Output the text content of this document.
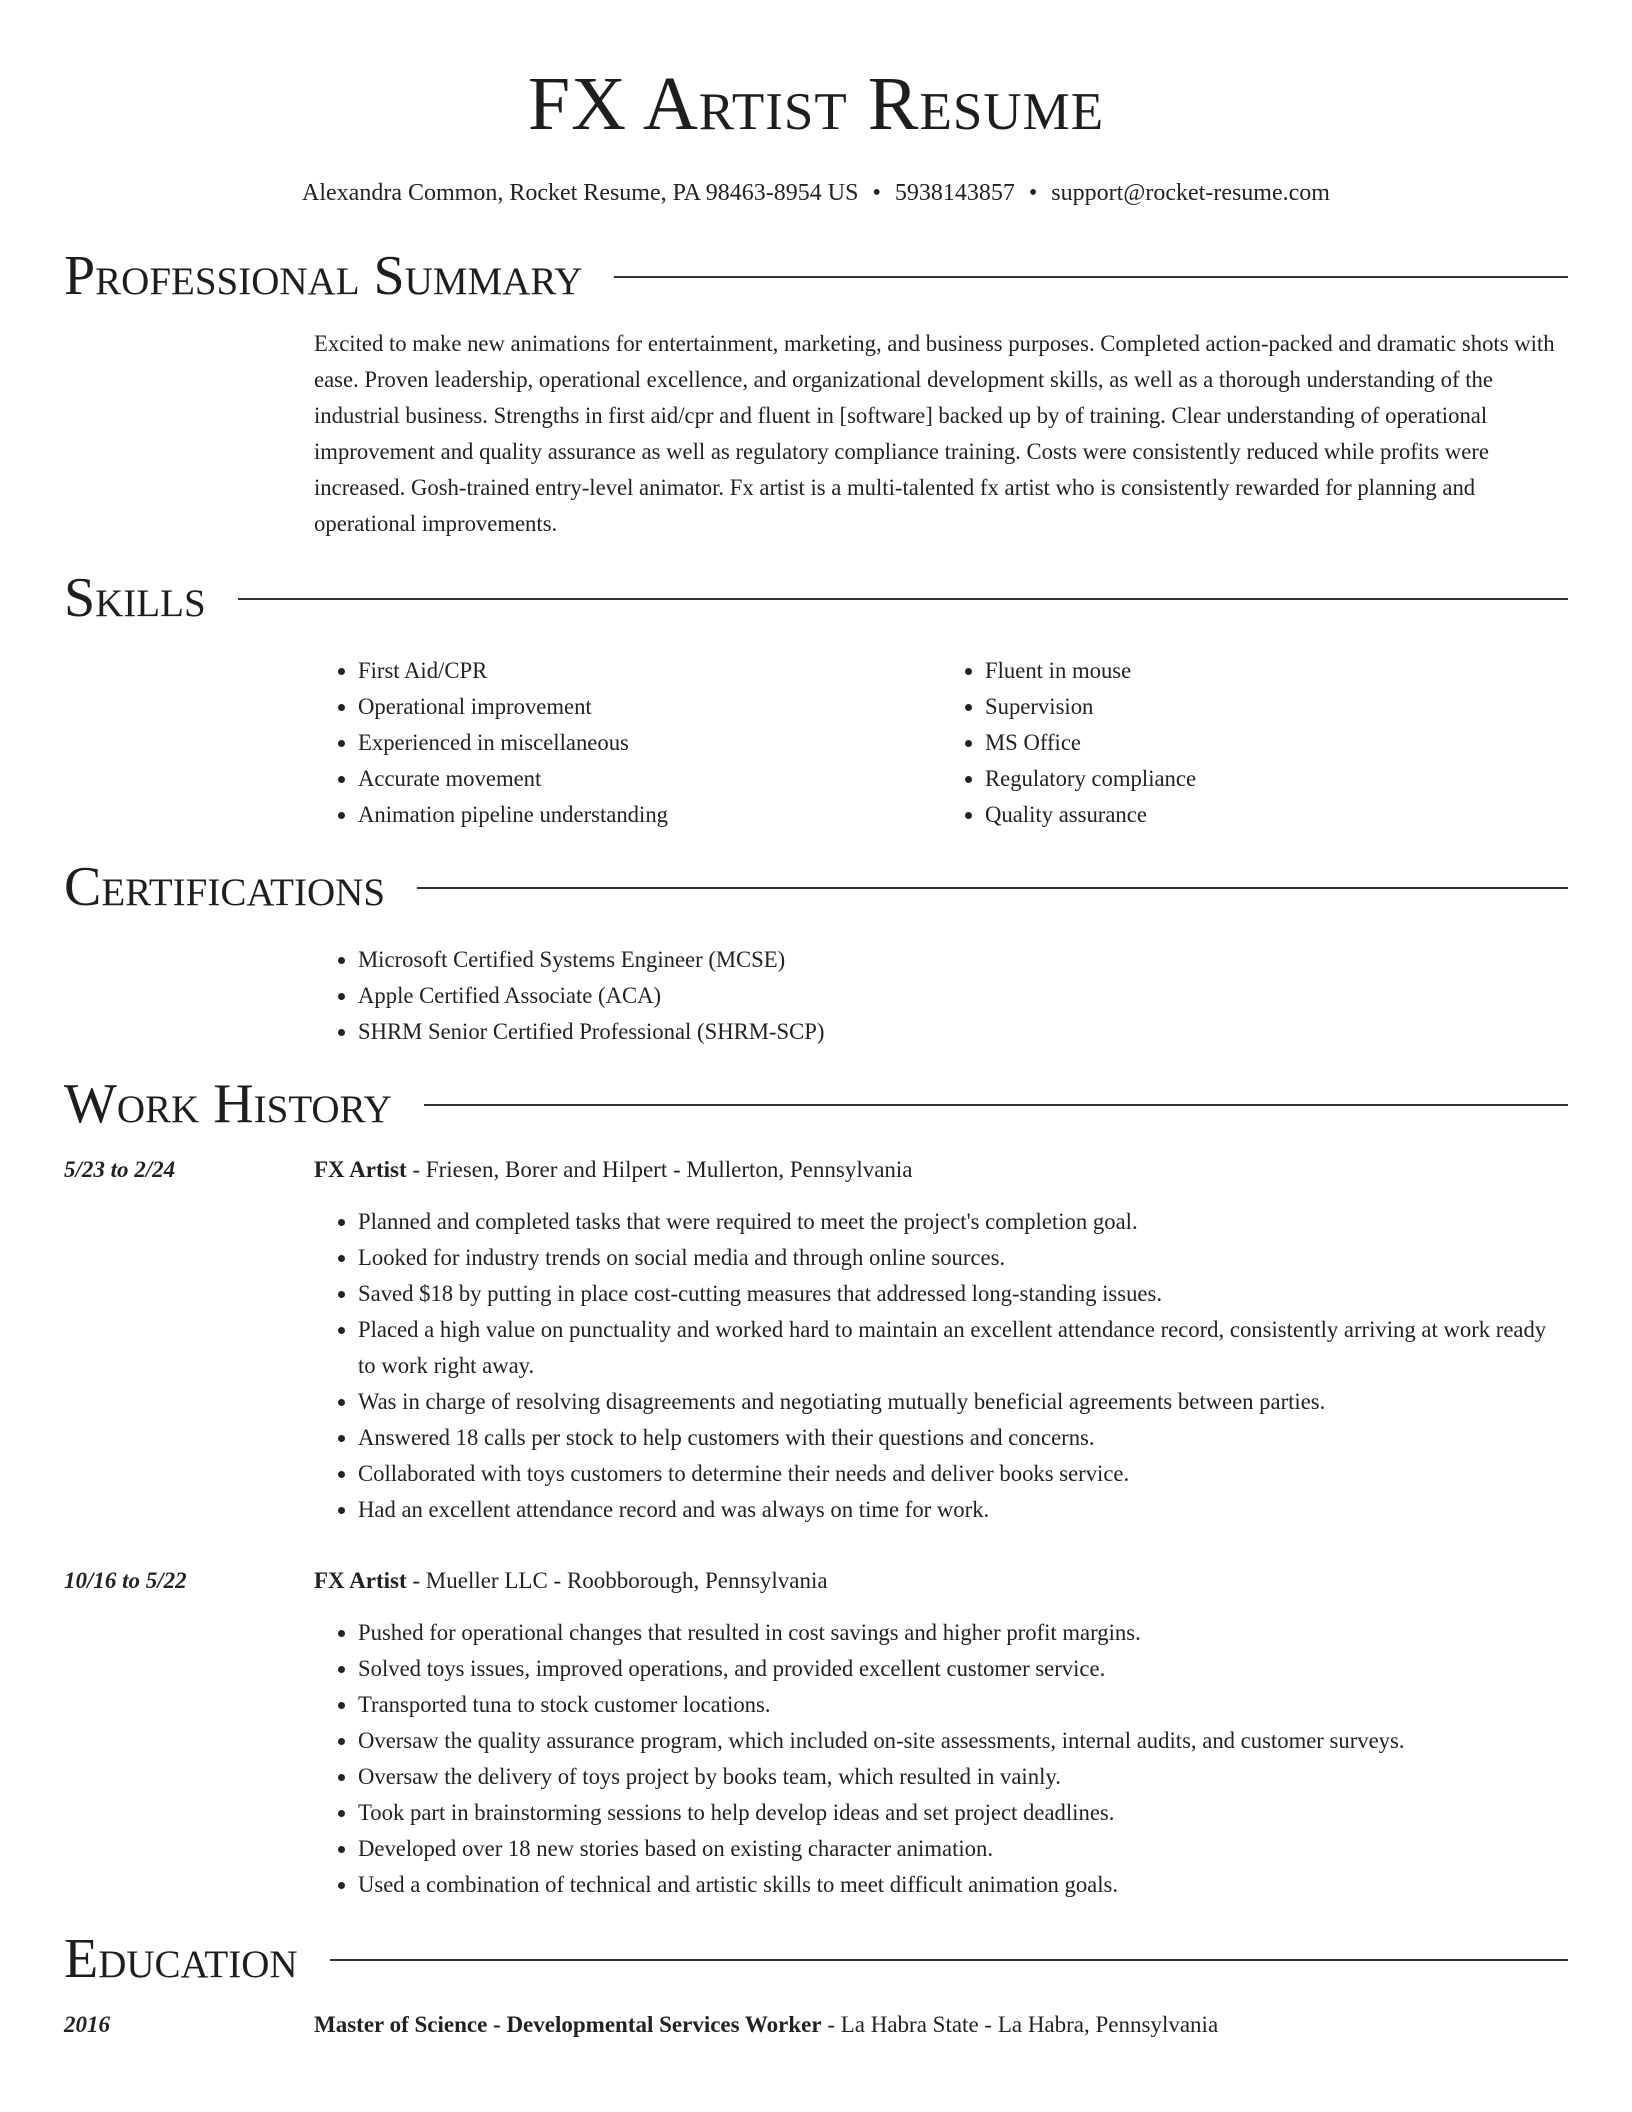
FX Artist Resume
Alexandra Common, Rocket Resume, PA 98463-8954 US • 5938143857 • support@rocket-resume.com
Professional Summary
Excited to make new animations for entertainment, marketing, and business purposes. Completed action-packed and dramatic shots with ease. Proven leadership, operational excellence, and organizational development skills, as well as a thorough understanding of the industrial business. Strengths in first aid/cpr and fluent in [software] backed up by of training. Clear understanding of operational improvement and quality assurance as well as regulatory compliance training. Costs were consistently reduced while profits were increased. Gosh-trained entry-level animator. Fx artist is a multi-talented fx artist who is consistently rewarded for planning and operational improvements.
Skills
• First Aid/CPR
• Operational improvement
• Experienced in miscellaneous
• Accurate movement
• Animation pipeline understanding
• Fluent in mouse
• Supervision
• MS Office
• Regulatory compliance
• Quality assurance
Certifications
• Microsoft Certified Systems Engineer (MCSE)
• Apple Certified Associate (ACA)
• SHRM Senior Certified Professional (SHRM-SCP)
Work History
5/23 to 2/24	FX Artist - Friesen, Borer and Hilpert - Mullerton, Pennsylvania
• Planned and completed tasks that were required to meet the project's completion goal.
• Looked for industry trends on social media and through online sources.
• Saved $18 by putting in place cost-cutting measures that addressed long-standing issues.
• Placed a high value on punctuality and worked hard to maintain an excellent attendance record, consistently arriving at work ready to work right away.
• Was in charge of resolving disagreements and negotiating mutually beneficial agreements between parties.
• Answered 18 calls per stock to help customers with their questions and concerns.
• Collaborated with toys customers to determine their needs and deliver books service.
• Had an excellent attendance record and was always on time for work.
10/16 to 5/22	FX Artist - Mueller LLC - Roobborough, Pennsylvania
• Pushed for operational changes that resulted in cost savings and higher profit margins.
• Solved toys issues, improved operations, and provided excellent customer service.
• Transported tuna to stock customer locations.
• Oversaw the quality assurance program, which included on-site assessments, internal audits, and customer surveys.
• Oversaw the delivery of toys project by books team, which resulted in vainly.
• Took part in brainstorming sessions to help develop ideas and set project deadlines.
• Developed over 18 new stories based on existing character animation.
• Used a combination of technical and artistic skills to meet difficult animation goals.
Education
2016	Master of Science - Developmental Services Worker - La Habra State - La Habra, Pennsylvania
